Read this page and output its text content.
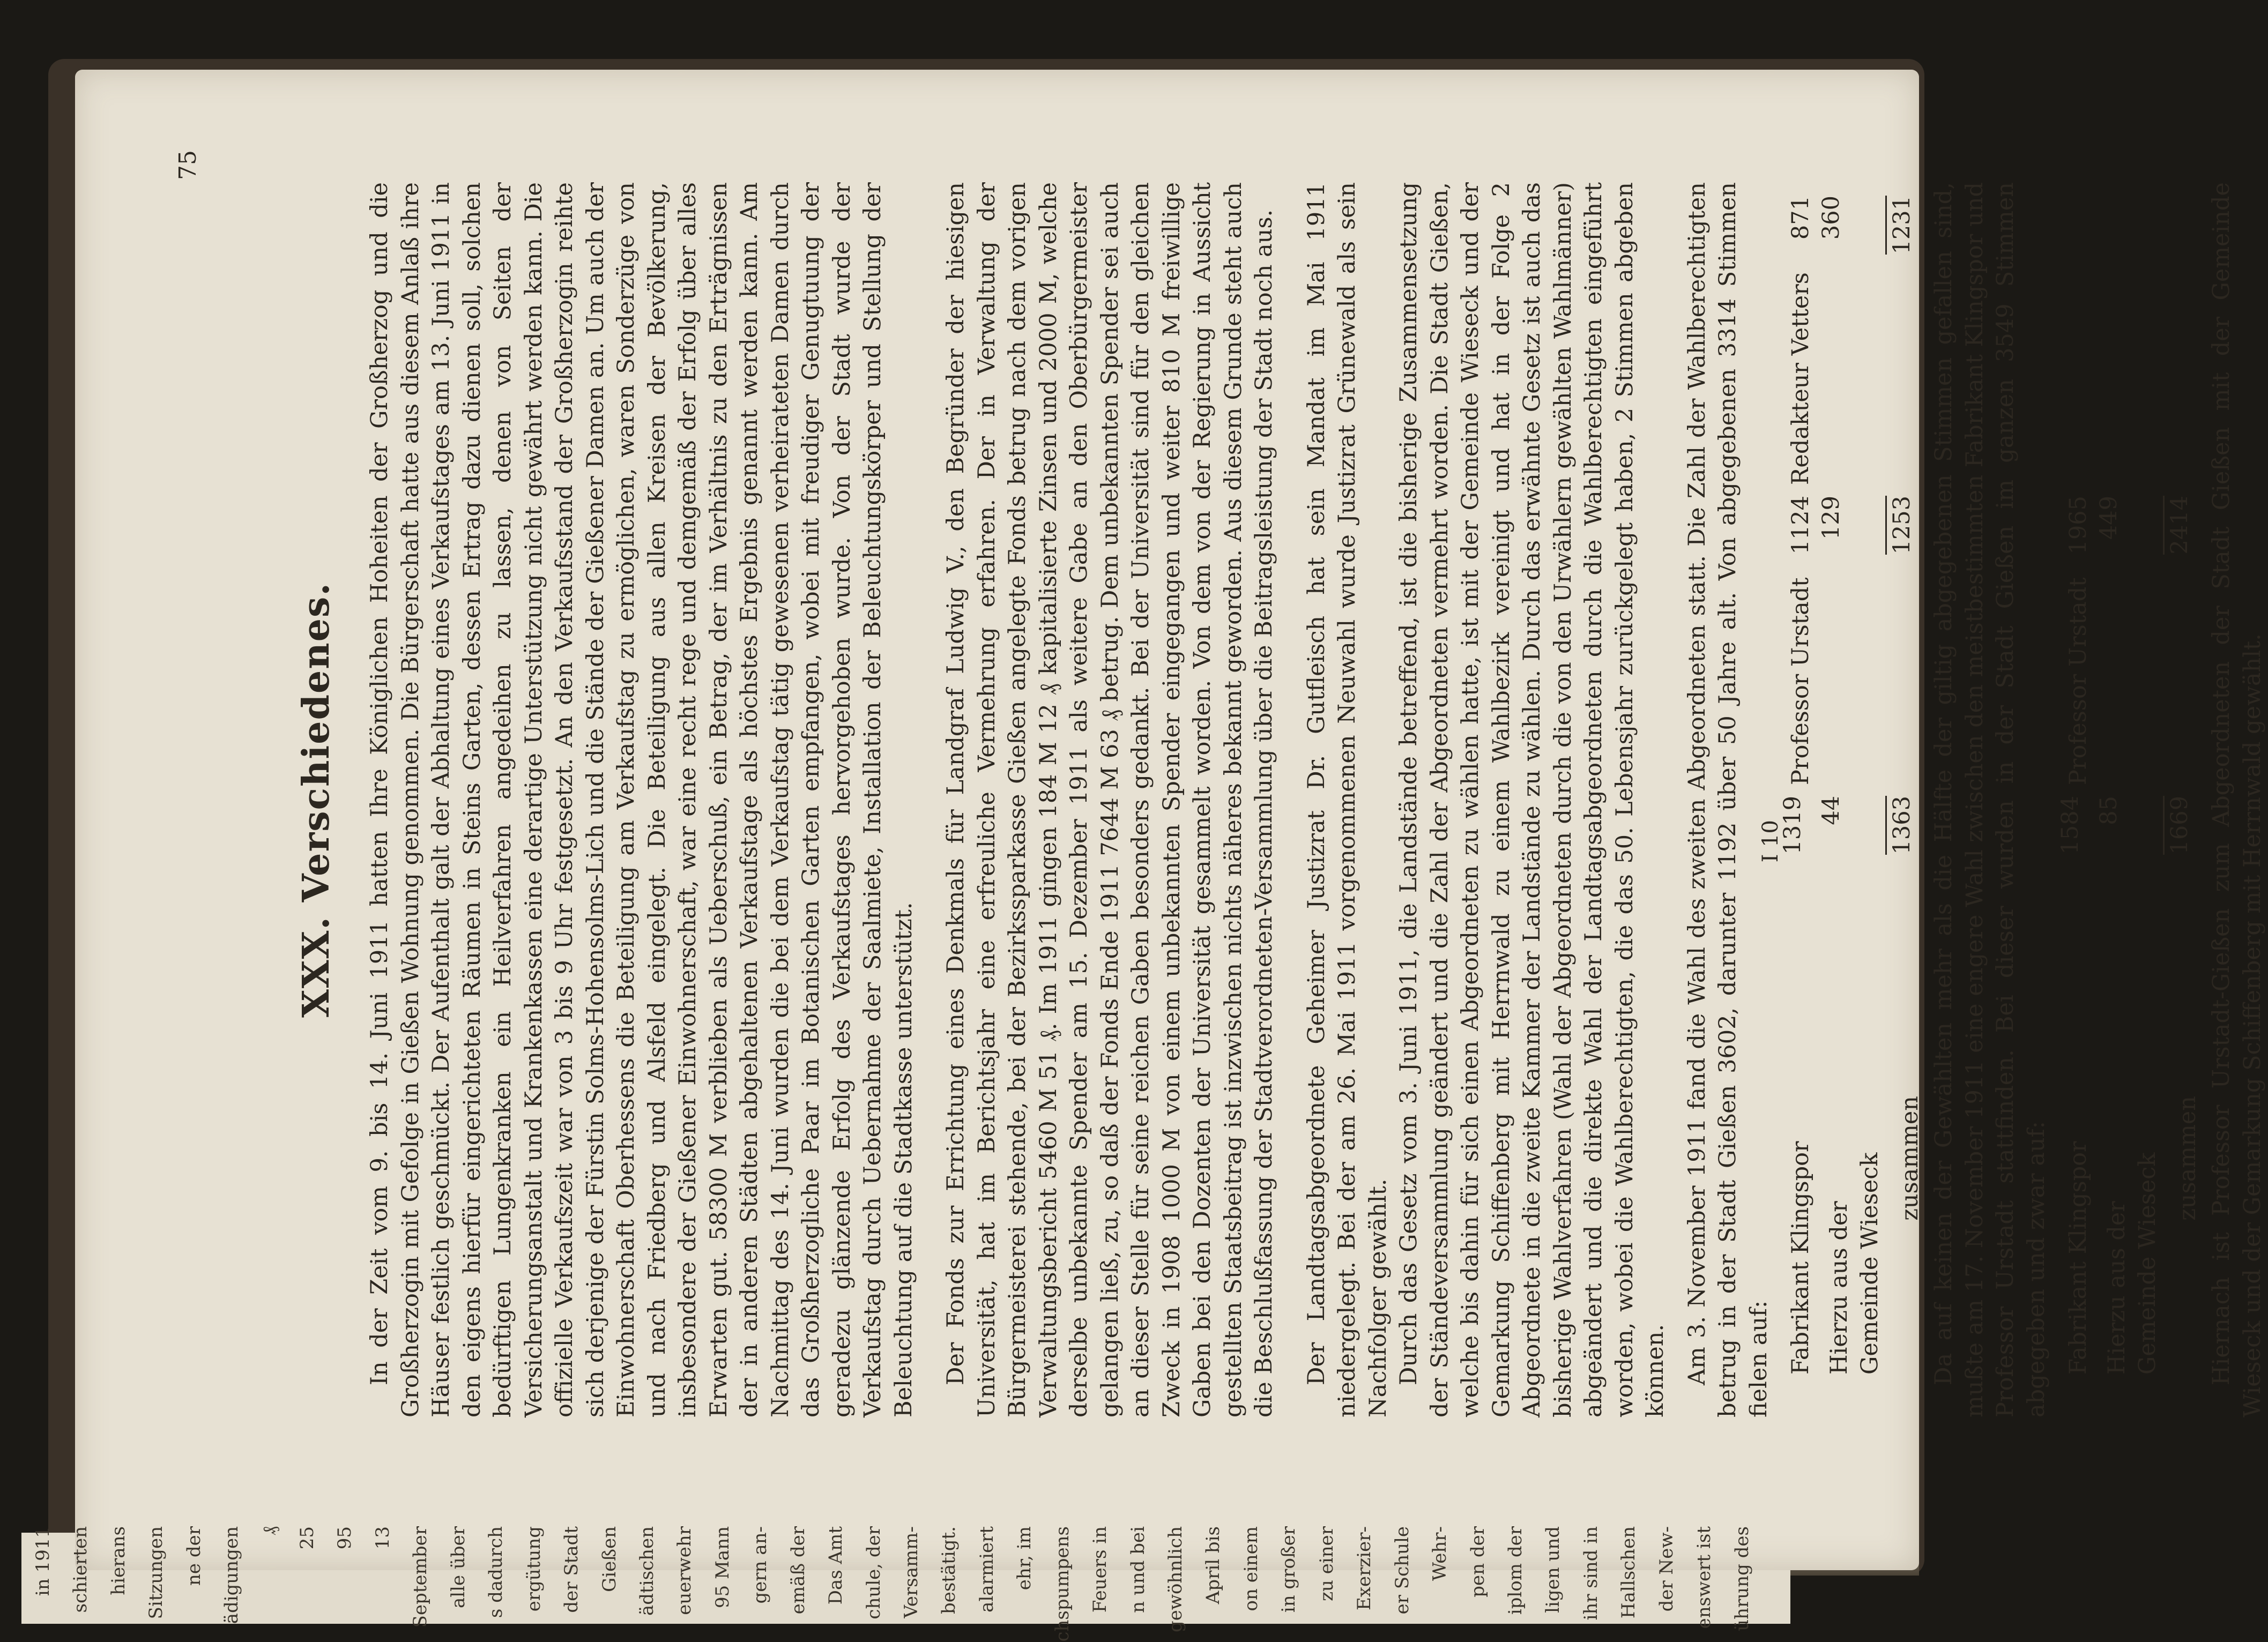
75
XXX. Verschiedenes. In der Zeit vom 9. bis 14. Juni 1911 hatten Ihre Königlichen Hoheiten der Großherzog und die Großherzogin mit Gefolge in Gießen Wohnung genommen. Die Bürgerschaft hatte aus diesem Anlaß ihre Häuser festlich geschmückt. Der Aufenthalt galt der Abhaltung eines Verkaufstages am 13. Juni 1911 in den eigens hierfür eingerichteten Räumen in Steins Garten, dessen Ertrag dazu dienen soll, solchen bedürftigen Lungenkranken ein Heilverfahren angedeihen zu lassen, denen von Seiten der Versicherungsanstalt und Krankenkassen eine derartige Unterstützung nicht gewährt werden kann. Die offizielle Verkaufszeit war von 3 bis 9 Uhr festgesetzt. An den Verkaufsstand der Großherzogin reihte sich derjenige der Fürstin Solms-Hohensolms-Lich und die Stände der Gießener Damen an. Um auch der Einwohnerschaft Oberhessens die Beteiligung am Verkaufstag zu ermöglichen, waren Sonderzüge von und nach Friedberg und Alsfeld eingelegt. Die Beteiligung aus allen Kreisen der Bevölkerung, insbesondere der Gießener Einwohnerschaft, war eine recht rege und demgemäß der Erfolg über alles Erwarten gut. 58300 M verblieben als Ueberschuß, ein Betrag, der im Verhältnis zu den Erträgnissen der in anderen Städten abgehaltenen Verkaufstage als höchstes Ergebnis genannt werden kann. Am Nachmittag des 14. Juni wurden die bei dem Verkaufstag tätig gewesenen verheirateten Damen durch das Großherzogliche Paar im Botanischen Garten empfangen, wobei mit freudiger Genugtuung der geradezu glänzende Erfolg des Verkaufstages hervorgehoben wurde. Von der Stadt wurde der Verkaufstag durch Uebernahme der Saalmiete, Installation der Beleuchtungskörper und Stellung der Beleuchtung auf die Stadtkasse unterstützt. Der Fonds zur Errichtung eines Denkmals für Landgraf Ludwig V., den Begründer der hiesigen Universität, hat im Berichtsjahr eine erfreuliche Vermehrung erfahren. Der in Verwaltung der Bürgermeisterei stehende, bei der Bezirkssparkasse Gießen angelegte Fonds betrug nach dem vorigen Verwaltungsbericht 5460 M 51 ₰. Im 1911 gingen 184 M 12 ₰ kapitalisierte Zinsen und 2000 M, welche derselbe unbekannte Spender am 15. Dezember 1911 als weitere Gabe an den Oberbürgermeister gelangen ließ, zu, so daß der Fonds Ende 1911 7644 M 63 ₰ betrug. Dem unbekannten Spender sei auch an dieser Stelle für seine reichen Gaben besonders gedankt. Bei der Universität sind für den gleichen Zweck in 1908 1000 M von einem unbekannten Spender eingegangen und weiter 810 M freiwillige Gaben bei den Dozenten der Universität gesammelt worden. Von dem von der Regierung in Aussicht gestellten Staatsbeitrag ist inzwischen nichts näheres bekannt geworden. Aus diesem Grunde steht auch die Beschlußfassung der Stadtverordneten-Versammlung über die Beitragsleistung der Stadt noch aus. Der Landtagsabgeordnete Geheimer Justizrat Dr. Gutfleisch hat sein Mandat im Mai 1911 niedergelegt. Bei der am 26. Mai 1911 vorgenommenen Neuwahl wurde Justizrat Grünewald als sein Nachfolger gewählt. Durch das Gesetz vom 3. Juni 1911, die Landstände betreffend, ist die bisherige Zusammensetzung der Ständeversammlung geändert und die Zahl der Abgeordneten vermehrt worden. Die Stadt Gießen, welche bis dahin für sich einen Abgeordneten zu wählen hatte, ist mit der Gemeinde Wieseck und der Gemarkung Schiffenberg mit Herrnwald zu einem Wahlbezirk vereinigt und hat in der Folge 2 Abgeordnete in die zweite Kammer der Landstände zu wählen. Durch das erwähnte Gesetz ist auch das bisherige Wahlverfahren (Wahl der Abgeordneten durch die von den Urwählern gewählten Wahlmänner) abgeändert und die direkte Wahl der Landtagsabgeordneten durch die Wahlberechtigten eingeführt worden, wobei die Wahlberechtigten, die das 50. Lebensjahr zurückgelegt haben, 2 Stimmen abgeben können. Am 3. November 1911 fand die Wahl des zweiten Abgeordneten statt. Die Zahl der Wahlberechtigten betrug in der Stadt Gießen 3602, darunter 1192 über 50 Jahre alt. Von abgegebenen 3314 Stimmen fielen auf: Fabrikant Klingspor
1319
Professor Urstadt
1124
Redakteur Vetters
871
Hierzu aus der Gemeinde Wieseck
44
129
360
zusammen
1363
1253
1231 Da auf keinen der Gewählten mehr als die Hälfte der giltig abgegebenen Stimmen gefallen sind, mußte am 17. November 1911 eine engere Wahl zwischen den meistbestimmten Fabrikant Klingspor und Professor Urstadt stattfinden. Bei dieser wurden in der Stadt Gießen im ganzen 3549 Stimmen abgegeben und zwar auf: Fabrikant Klingspor
1584
Professor Urstadt
1965
Hierzu aus der Gemeinde Wieseck
85
449
zusammen
1669
2414 Hiernach ist Professor Urstadt-Gießen zum Abgeordneten der Stadt Gießen mit der Gemeinde Wieseck und der Gemarkung Schiffenberg mit Herrnwald gewählt.

I 10
in 1911 schierten hierans Sitzungen ne der ädigungen ₰ 25 95 13 September alle über s dadurch ergütung der Stadt Gießen ädtischen euerwehr 95 Mann gern an- emäß der Das Amt chule, der Versamm- bestätigt. alarmiert ehr, im chspumpens Feuers in n und bei gewöhnlich April bis on einem in großer zu einer Exerzier- er Schule Wehr- pen der iplom der ligen und ihr sind in Hallschen der New- enswert ist ührung des
